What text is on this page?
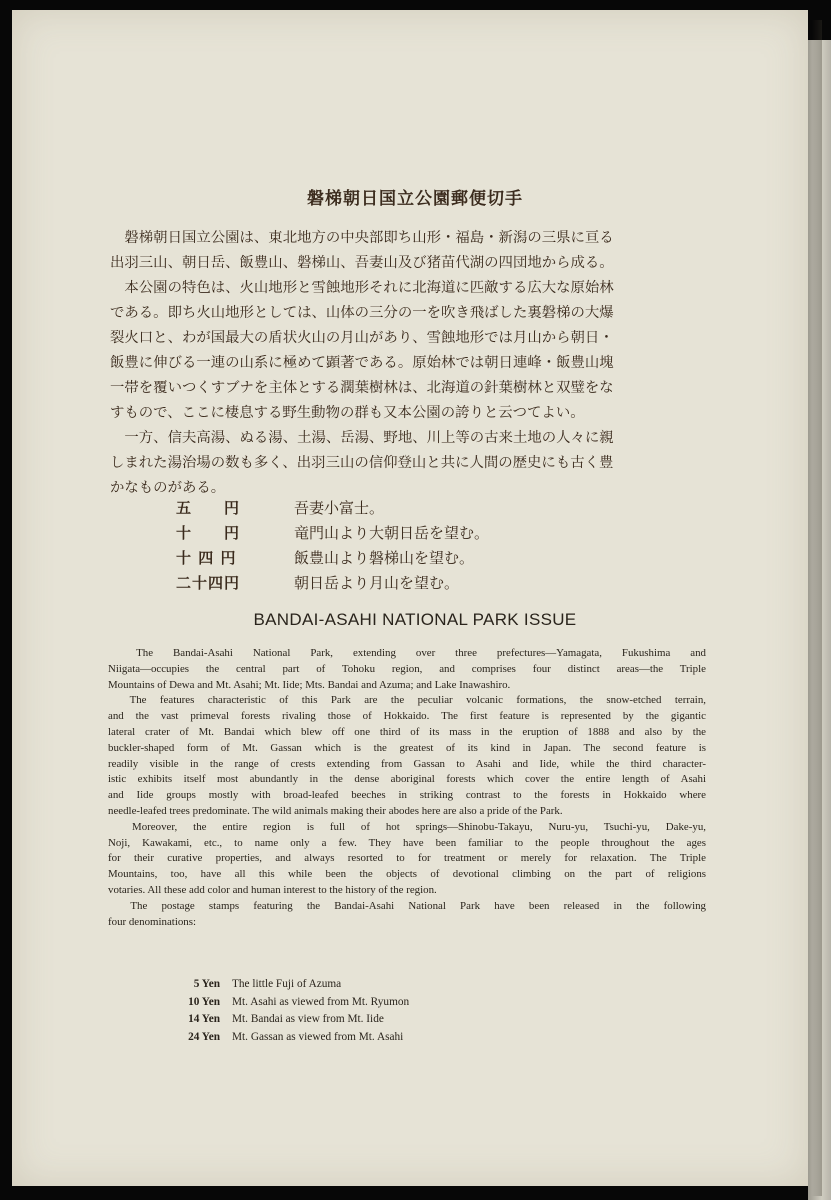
磐梯朝日国立公園郵便切手
　磐梯朝日国立公園は、東北地方の中央部即ち山形・福島・新潟の三県に亘る
出羽三山、朝日岳、飯豊山、磐梯山、吾妻山及び猪苗代湖の四団地から成る。
　本公園の特色は、火山地形と雪蝕地形それに北海道に匹敵する広大な原始林
である。即ち火山地形としては、山体の三分の一を吹き飛ばした裏磐梯の大爆
裂火口と、わが国最大の盾状火山の月山があり、雪蝕地形では月山から朝日・
飯豊に伸びる一連の山系に極めて顕著である。原始林では朝日連峰・飯豊山塊
一帯を覆いつくすブナを主体とする濶葉樹林は、北海道の針葉樹林と双璧をな
すもので、ここに棲息する野生動物の群も又本公園の誇りと云つてよい。
　一方、信夫高湯、ぬる湯、土湯、岳湯、野地、川上等の古来土地の人々に親
しまれた湯治場の数も多く、出羽三山の信仰登山と共に人間の歴史にも古く豊
かなものがある。
五　　円	吾妻小富士。
十　　円	竜門山より大朝日岳を望む。
十 四 円	飯豊山より磐梯山を望む。
二十四円	朝日岳より月山を望む。
BANDAI-ASAHI NATIONAL PARK ISSUE
　The Bandai-Asahi National Park, extending over three prefectures—Yamagata, Fukushima and
Niigata—occupies the central part of Tohoku region, and comprises four distinct areas—the Triple
Mountains of Dewa and Mt. Asahi; Mt. Iide; Mts. Bandai and Azuma; and Lake Inawashiro.
　The features characteristic of this Park are the peculiar volcanic formations, the snow-etched terrain,
and the vast primeval forests rivaling those of Hokkaido. The first feature is represented by the gigantic
lateral crater of Mt. Bandai which blew off one third of its mass in the eruption of 1888 and also by the
buckler-shaped form of Mt. Gassan which is the greatest of its kind in Japan. The second feature is
readily visible in the range of crests extending from Gassan to Asahi and Iide, while the third character-
istic exhibits itself most abundantly in the dense aboriginal forests which cover the entire length of Asahi
and Iide groups mostly with broad-leafed beeches in striking contrast to the forests in Hokkaido where
needle-leafed trees predominate. The wild animals making their abodes here are also a pride of the Park.
　Moreover, the entire region is full of hot springs—Shinobu-Takayu, Nuru-yu, Tsuchi-yu, Dake-yu,
Noji, Kawakami, etc., to name only a few. They have been familiar to the people throughout the ages
for their curative properties, and always resorted to for treatment or merely for relaxation. The Triple
Mountains, too, have all this while been the objects of devotional climbing on the part of religions
votaries. All these add color and human interest to the history of the region.
　The postage stamps featuring the Bandai-Asahi National Park have been released in the following
four denominations:
5 Yen The little Fuji of Azuma
10 Yen Mt. Asahi as viewed from Mt. Ryumon
14 Yen Mt. Bandai as view from Mt. Iide
24 Yen Mt. Gassan as viewed from Mt. Asahi
